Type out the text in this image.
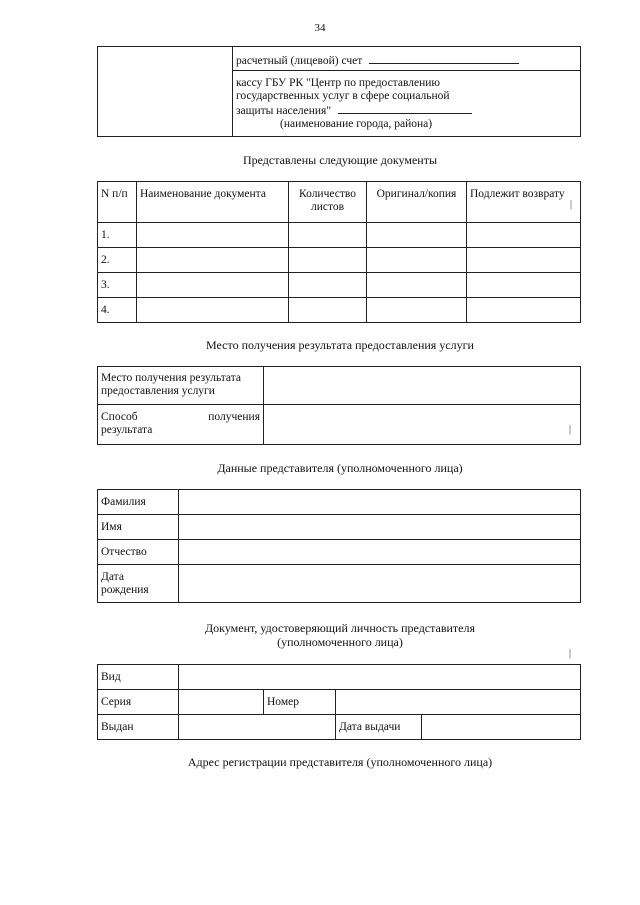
34
	расчетный (лицевой) счет

кассу ГБУ РК "Центр по предоставлению
государственных услуг в сфере социальной
защиты населения"
(наименование города, района)
Представлены следующие документы
N п/п	Наименование документа	Количество листов	Оригинал/копия	Подлежит возврату
1.				
2.				
3.				
4.				
|
Место получения результата предоставления услуги
Место получения результата предоставления услуги	

Способ получения
результата	
		|
Данные представителя (уполномоченного лица)
Фамилия	
Имя	
Отчество	

Дата
рождения	

Документ, удостоверяющий личность представителя
(уполномоченного лица)
|
Вид				
Серия		Номер		
Выдан			Дата выдачи	
Адрес регистрации представителя (уполномоченного лица)
